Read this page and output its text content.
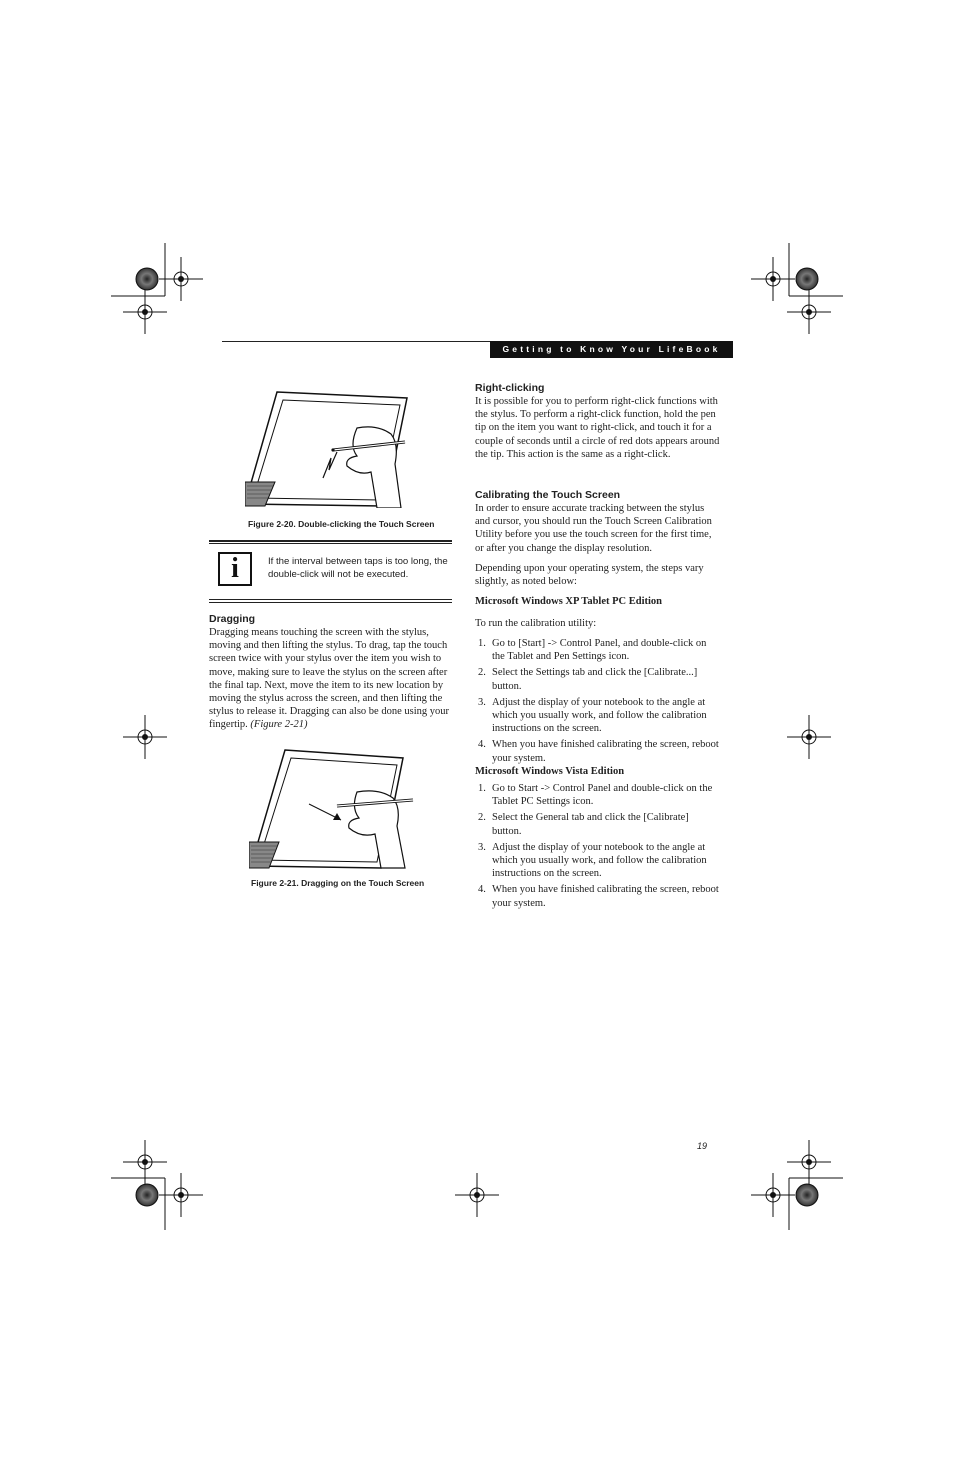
Getting to Know Your LifeBook
Figure 2-20. Double-clicking the Touch Screen
i	If the interval between taps is too long, the double-click will not be executed.
Dragging
Dragging means touching the screen with the stylus, moving and then lifting the stylus. To drag, tap the touch screen twice with your stylus over the item you wish to move, making sure to leave the stylus on the screen after the final tap. Next, move the item to its new location by moving the stylus across the screen, and then lifting the stylus to release it. Dragging can also be done using your fingertip. (Figure 2-21)
Figure 2-21. Dragging on the Touch Screen
Right-clicking
It is possible for you to perform right-click functions with the stylus. To perform a right-click function, hold the pen tip on the item you want to right-click, and touch it for a couple of seconds until a circle of red dots appears around the tip. This action is the same as a right-click.
Calibrating the Touch Screen
In order to ensure accurate tracking between the stylus and cursor, you should run the Touch Screen Calibration Utility before you use the touch screen for the first time, or after you change the display resolution.
Depending upon your operating system, the steps vary slightly, as noted below:
Microsoft Windows XP Tablet PC Edition
To run the calibration utility:
1. Go to [Start] -> Control Panel, and double-click on the Tablet and Pen Settings icon.
2. Select the Settings tab and click the [Calibrate...] button.
3. Adjust the display of your notebook to the angle at which you usually work, and follow the calibration instructions on the screen.
4. When you have finished calibrating the screen, reboot your system.
Microsoft Windows Vista Edition
1. Go to Start -> Control Panel and double-click on the Tablet PC Settings icon.
2. Select the General tab and click the [Calibrate] button.
3. Adjust the display of your notebook to the angle at which you usually work, and follow the calibration instructions on the screen.
4. When you have finished calibrating the screen, reboot your system.
19
